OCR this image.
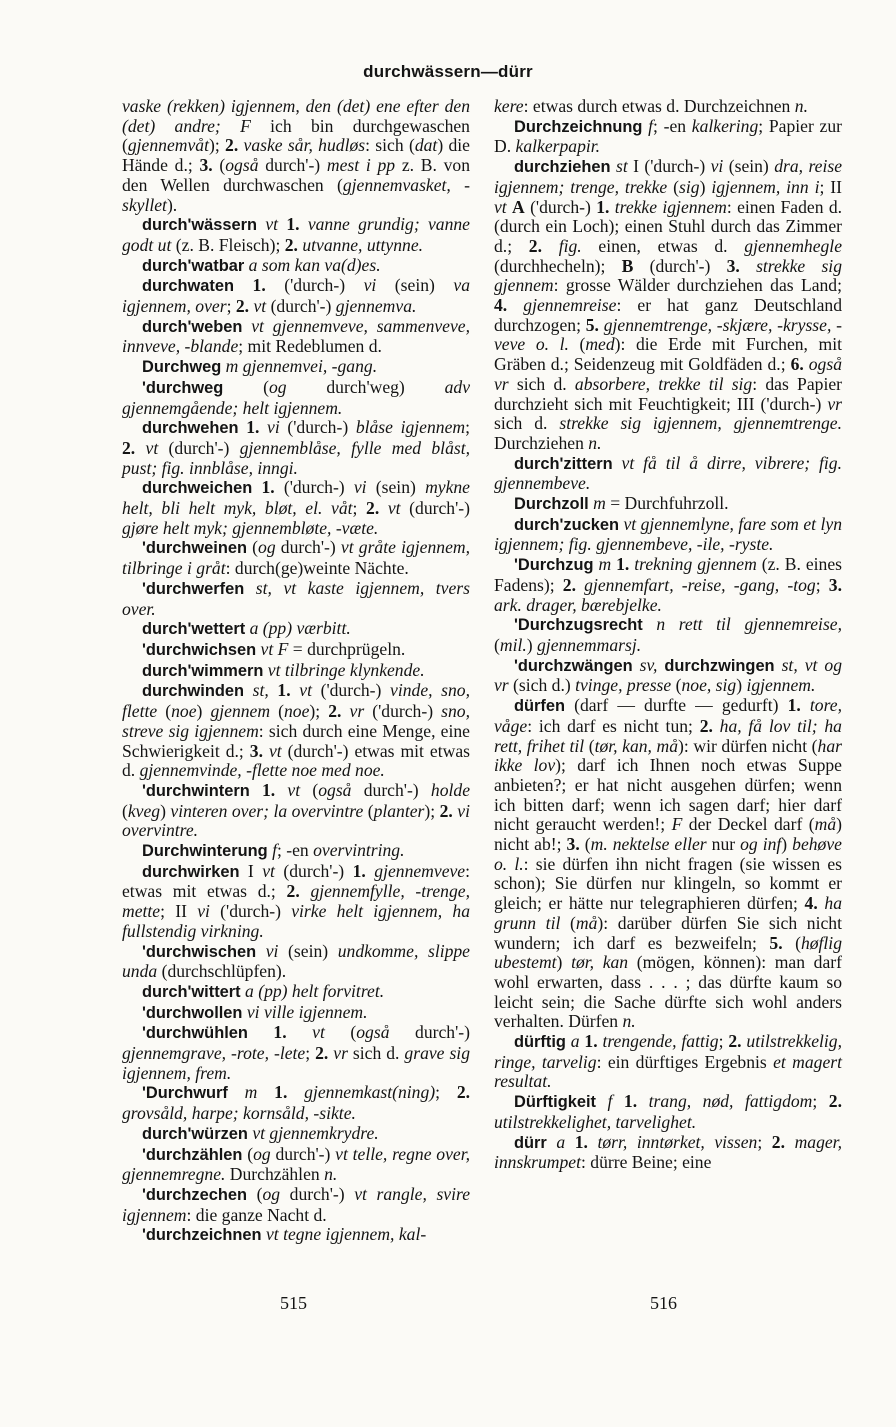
durchwässern—dürr

vaske (rekken) igjennem, den (det) ene efter den (det) andre; F ich bin durchgewaschen (gjennemvåt); 2. vaske sår, hudløs: sich (dat) die Hände d.; 3. (også durch'-) mest i pp z. B. von den Wellen durchwaschen (gjennemvasket, -skyllet).

durch'wässern vt 1. vanne grundig; vanne godt ut (z. B. Fleisch); 2. utvanne, uttynne.

durch'watbar a som kan va(d)es.

durchwaten 1. ('durch-) vi (sein) va igjennem, over; 2. vt (durch'-) gjennemva.

durch'weben vt gjennemveve, sammenveve, innveve, -blande; mit Redeblumen d.

Durchweg m gjennemvei, -gang.

'durchweg (og durch'weg) adv gjennemgående; helt igjennem.

durchwehen 1. vi ('durch-) blåse igjennem; 2. vt (durch'-) gjennemblåse, fylle med blåst, pust; fig. innblåse, inngi.

durchweichen 1. ('durch-) vi (sein) mykne helt, bli helt myk, bløt, el. våt; 2. vt (durch'-) gjøre helt myk; gjennembløte, -væte.

'durchweinen (og durch'-) vt gråte igjennem, tilbringe i gråt: durch(ge)weinte Nächte.

'durchwerfen st, vt kaste igjennem, tvers over.

durch'wettert a (pp) værbitt.

'durchwichsen vt F = durchprügeln.

durch'wimmern vt tilbringe klynkende.

durchwinden st, 1. vt ('durch-) vinde, sno, flette (noe) gjennem (noe); 2. vr ('durch-) sno, streve sig igjennem: sich durch eine Menge, eine Schwierigkeit d.; 3. vt (durch'-) etwas mit etwas d. gjennemvinde, -flette noe med noe.

'durchwintern 1. vt (også durch'-) holde (kveg) vinteren over; la overvintre (planter); 2. vi overvintre.

Durchwinterung f; -en overvintring.

durchwirken I vt (durch'-) 1. gjennemveve: etwas mit etwas d.; 2. gjennemfylle, -trenge, mette; II vi ('durch-) virke helt igjennem, ha fullstendig virkning.

'durchwischen vi (sein) undkomme, slippe unda (durchschlüpfen).

durch'wittert a (pp) helt forvitret.

'durchwollen vi ville igjennem.

'durchwühlen 1. vt (også durch'-) gjennemgrave, -rote, -lete; 2. vr sich d. grave sig igjennem, frem.

'Durchwurf m 1. gjennemkast(ning); 2. grovsåld, harpe; kornsåld, -sikte.

durch'würzen vt gjennemkrydre.

'durchzählen (og durch'-) vt telle, regne over, gjennemregne. Durchzählen n.

'durchzechen (og durch'-) vt rangle, svire igjennem: die ganze Nacht d.

'durchzeichnen vt tegne igjennem, kal-

kere: etwas durch etwas d. Durchzeichnen n.

Durchzeichnung f; -en kalkering; Papier zur D. kalkerpapir.

durchziehen st I ('durch-) vi (sein) dra, reise igjennem; trenge, trekke (sig) igjennem, inn i; II vt A ('durch-) 1. trekke igjennem: einen Faden d. (durch ein Loch); einen Stuhl durch das Zimmer d.; 2. fig. einen, etwas d. gjennemhegle (durchhecheln); B (durch'-) 3. strekke sig gjennem: grosse Wälder durchziehen das Land; 4. gjennemreise: er hat ganz Deutschland durchzogen; 5. gjennemtrenge, -skjære, -krysse, -veve o. l. (med): die Erde mit Furchen, mit Gräben d.; Seidenzeug mit Goldfäden d.; 6. også vr sich d. absorbere, trekke til sig: das Papier durchzieht sich mit Feuchtigkeit; III ('durch-) vr sich d. strekke sig igjennem, gjennemtrenge. Durchziehen n.

durch'zittern vt få til å dirre, vibrere; fig. gjennembeve.

Durchzoll m = Durchfuhrzoll.

durch'zucken vt gjennemlyne, fare som et lyn igjennem; fig. gjennembeve, -ile, -ryste.

'Durchzug m 1. trekning gjennem (z. B. eines Fadens); 2. gjennemfart, -reise, -gang, -tog; 3. ark. drager, bærebjelke.

'Durchzugsrecht n rett til gjennemreise, (mil.) gjennemmarsj.

'durchzwängen sv, durchzwingen st, vt og vr (sich d.) tvinge, presse (noe, sig) igjennem.

dürfen (darf — durfte — gedurft) 1. tore, våge: ich darf es nicht tun; 2. ha, få lov til; ha rett, frihet til (tør, kan, må): wir dürfen nicht (har ikke lov); darf ich Ihnen noch etwas Suppe anbieten?; er hat nicht ausgehen dürfen; wenn ich bitten darf; wenn ich sagen darf; hier darf nicht geraucht werden!; F der Deckel darf (må) nicht ab!; 3. (m. nektelse eller nur og inf) behøve o. l.: sie dürfen ihn nicht fragen (sie wissen es schon); Sie dürfen nur klingeln, so kommt er gleich; er hätte nur telegraphieren dürfen; 4. ha grunn til (må): darüber dürfen Sie sich nicht wundern; ich darf es bezweifeln; 5. (høflig ubestemt) tør, kan (mögen, können): man darf wohl erwarten, dass . . . ; das dürfte kaum so leicht sein; die Sache dürfte sich wohl anders verhalten. Dürfen n.

dürftig a 1. trengende, fattig; 2. utilstrekkelig, ringe, tarvelig: ein dürftiges Ergebnis et magert resultat.

Dürftigkeit f 1. trang, nød, fattigdom; 2. utilstrekkelighet, tarvelighet.

dürr a 1. tørr, inntørket, vissen; 2. mager, innskrumpet: dürre Beine; eine

515	516
